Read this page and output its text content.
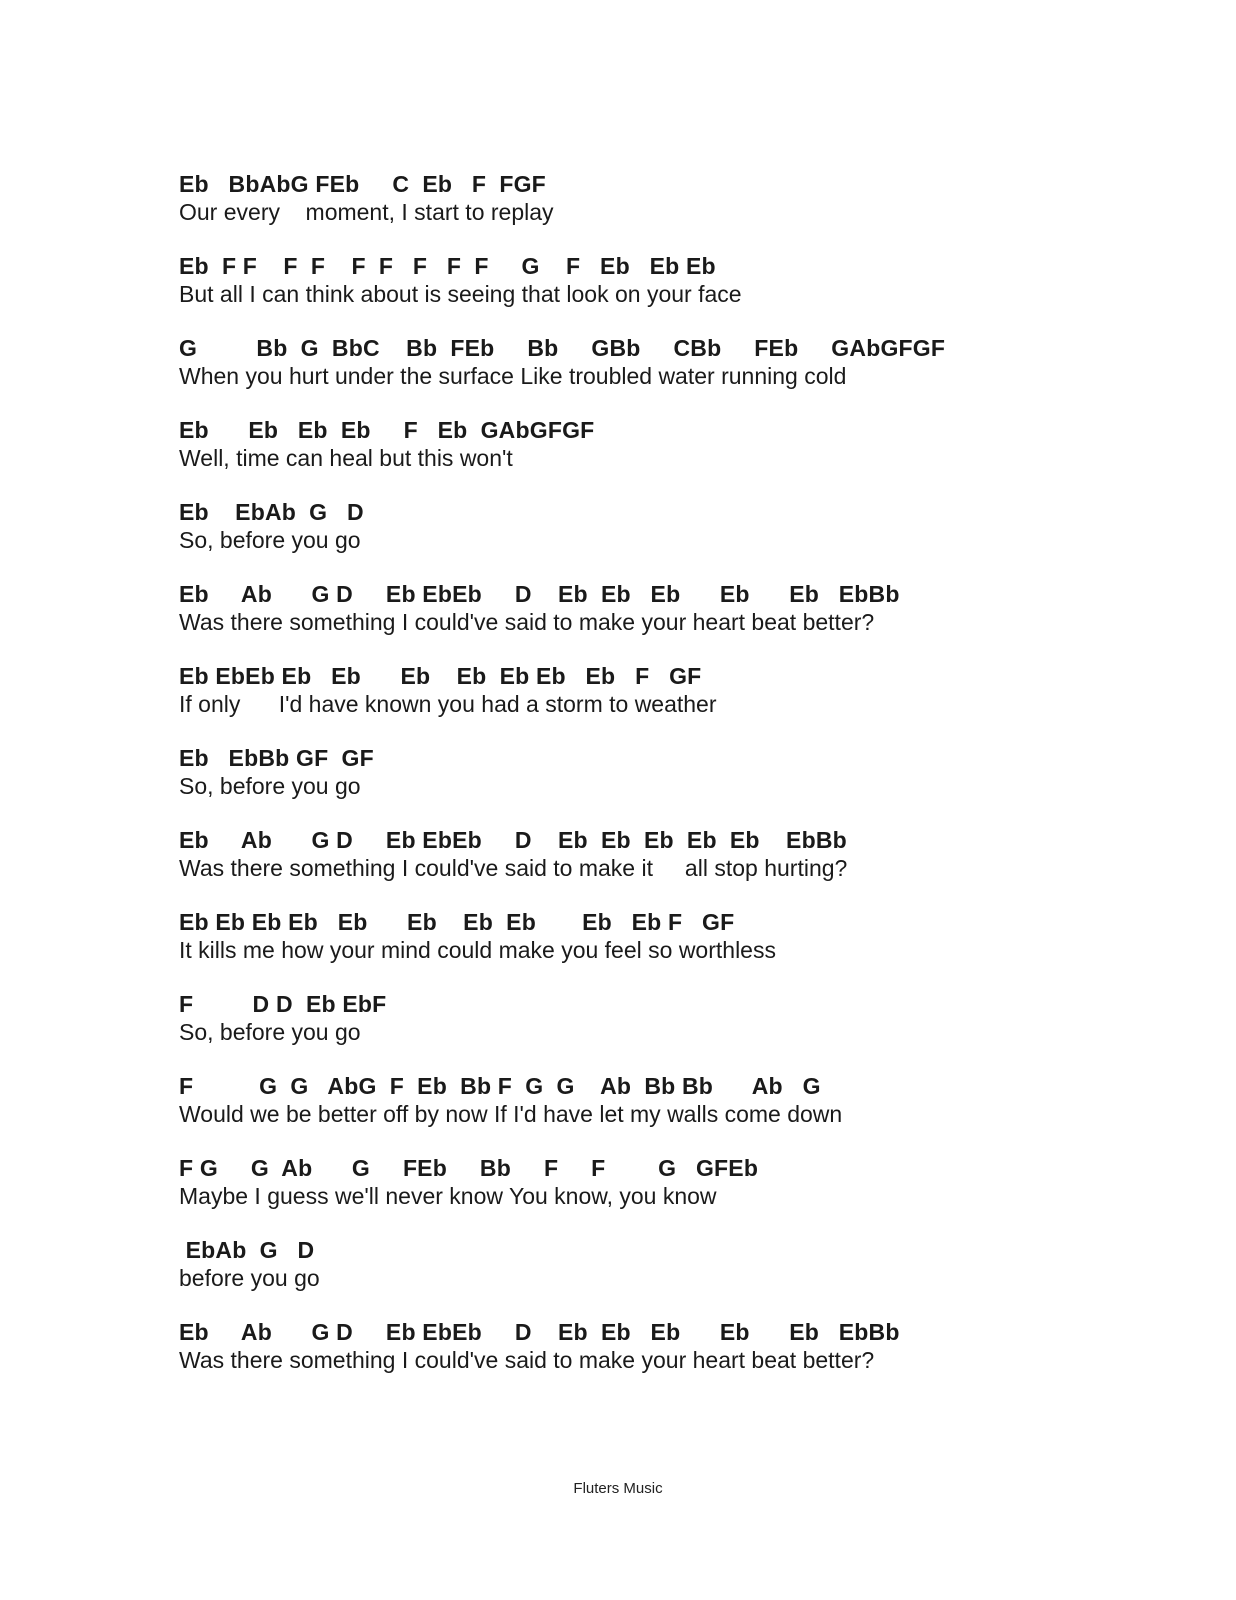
Eb   BbAbG FEb     C  Eb   F  FGF
Our every    moment, I start to replay
Eb  F F    F  F    F  F   F   F  F     G    F   Eb   Eb Eb
But all I can think about is seeing that look on your face
G         Bb  G  BbC    Bb  FEb     Bb     GBb     CBb     FEb     GAbGFGF
When you hurt under the surface Like troubled water running cold
Eb      Eb   Eb  Eb     F   Eb  GAbGFGF
Well, time can heal but this won't
Eb    EbAb  G   D
So, before you go
Eb     Ab      G D     Eb EbEb     D    Eb  Eb   Eb      Eb      Eb   EbBb
Was there something I could've said to make your heart beat better?
Eb EbEb Eb   Eb      Eb    Eb  Eb Eb   Eb   F   GF
If only      I'd have known you had a storm to weather
Eb   EbBb GF  GF
So, before you go
Eb     Ab      G D     Eb EbEb     D    Eb  Eb  Eb  Eb  Eb    EbBb
Was there something I could've said to make it     all stop hurting?
Eb Eb Eb Eb   Eb      Eb    Eb  Eb       Eb   Eb F   GF
It kills me how your mind could make you feel so worthless
F         D D  Eb EbF
So, before you go
F          G  G   AbG  F  Eb  Bb F  G  G    Ab  Bb Bb      Ab   G
Would we be better off by now If I'd have let my walls come down
F G     G  Ab      G     FEb     Bb     F     F        G   GFEb
Maybe I guess we'll never know You know, you know
EbAb  G   D
before you go
Eb     Ab      G D     Eb EbEb     D    Eb  Eb   Eb      Eb      Eb   EbBb
Was there something I could've said to make your heart beat better?
Fluters Music
